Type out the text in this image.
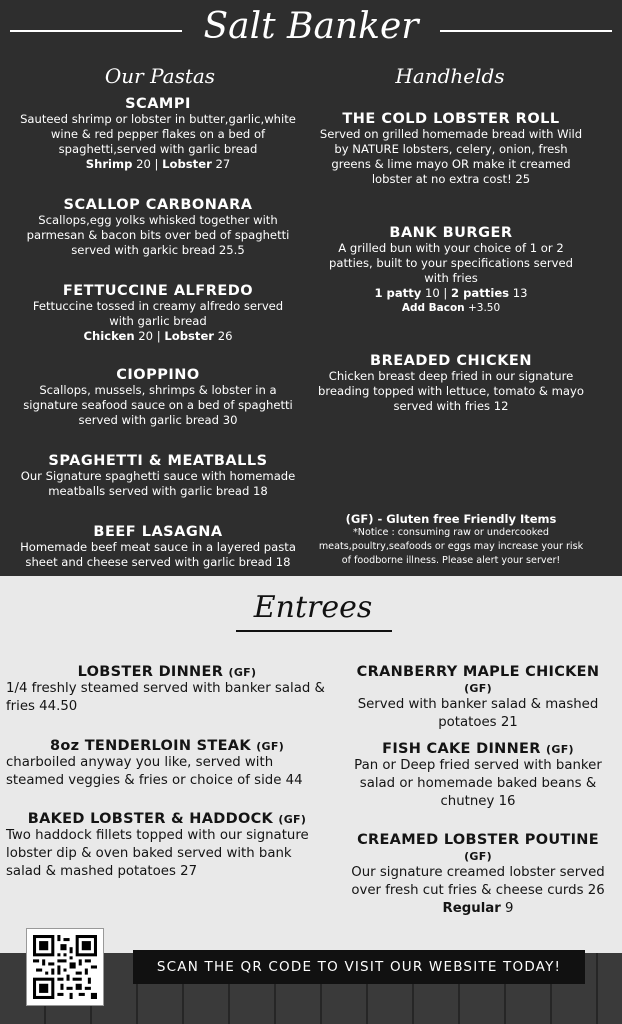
Salt Banker
Our Pastas	Handhelds
SCAMPI
Sauteed shrimp or lobster in butter,garlic,white wine & red pepper flakes on a bed of spaghetti,served with garlic bread
Shrimp 20 | Lobster 27
SCALLOP CARBONARA
Scallops,egg yolks whisked together with parmesan & bacon bits over bed of spaghetti served with garkic bread 25.5
FETTUCCINE ALFREDO
Fettuccine tossed in creamy alfredo served with garlic bread
Chicken 20 | Lobster 26
CIOPPINO
Scallops, mussels, shrimps & lobster in a signature seafood sauce on a bed of spaghetti served with garlic bread 30
SPAGHETTI & MEATBALLS
Our Signature spaghetti sauce with homemade meatballs served with garlic bread 18
BEEF LASAGNA
Homemade beef meat sauce in a layered pasta sheet and cheese served with garlic bread 18
THE COLD LOBSTER ROLL
Served on grilled homemade bread with Wild by NATURE lobsters, celery, onion, fresh greens & lime mayo OR make it creamed lobster at no extra cost! 25
BANK BURGER
A grilled bun with your choice of 1 or 2 patties, built to your specifications served with fries
1 patty 10 | 2 patties 13
Add Bacon +3.50
BREADED CHICKEN
Chicken breast deep fried in our signature breading topped with lettuce, tomato & mayo served with fries 12
(GF) - Gluten free Friendly Items
*Notice : consuming raw or undercooked meats,poultry,seafoods or eggs may increase your risk of foodborne illness. Please alert your server!
Entrees
LOBSTER DINNER (GF)
1/4 freshly steamed served with banker salad & fries 44.50
8oz TENDERLOIN STEAK (GF)
charboiled anyway you like, served with steamed veggies & fries or choice of side 44
BAKED LOBSTER & HADDOCK (GF)
Two haddock fillets topped with our signature lobster dip & oven baked served with bank salad & mashed potatoes 27
CRANBERRY MAPLE CHICKEN
(GF)
Served with banker salad & mashed potatoes 21
FISH CAKE DINNER (GF)
Pan or Deep fried served with banker salad or homemade baked beans & chutney 16
CREAMED LOBSTER POUTINE
(GF)
Our signature creamed lobster served over fresh cut fries & cheese curds 26
Regular 9
SCAN THE QR CODE TO VISIT OUR WEBSITE TODAY!
